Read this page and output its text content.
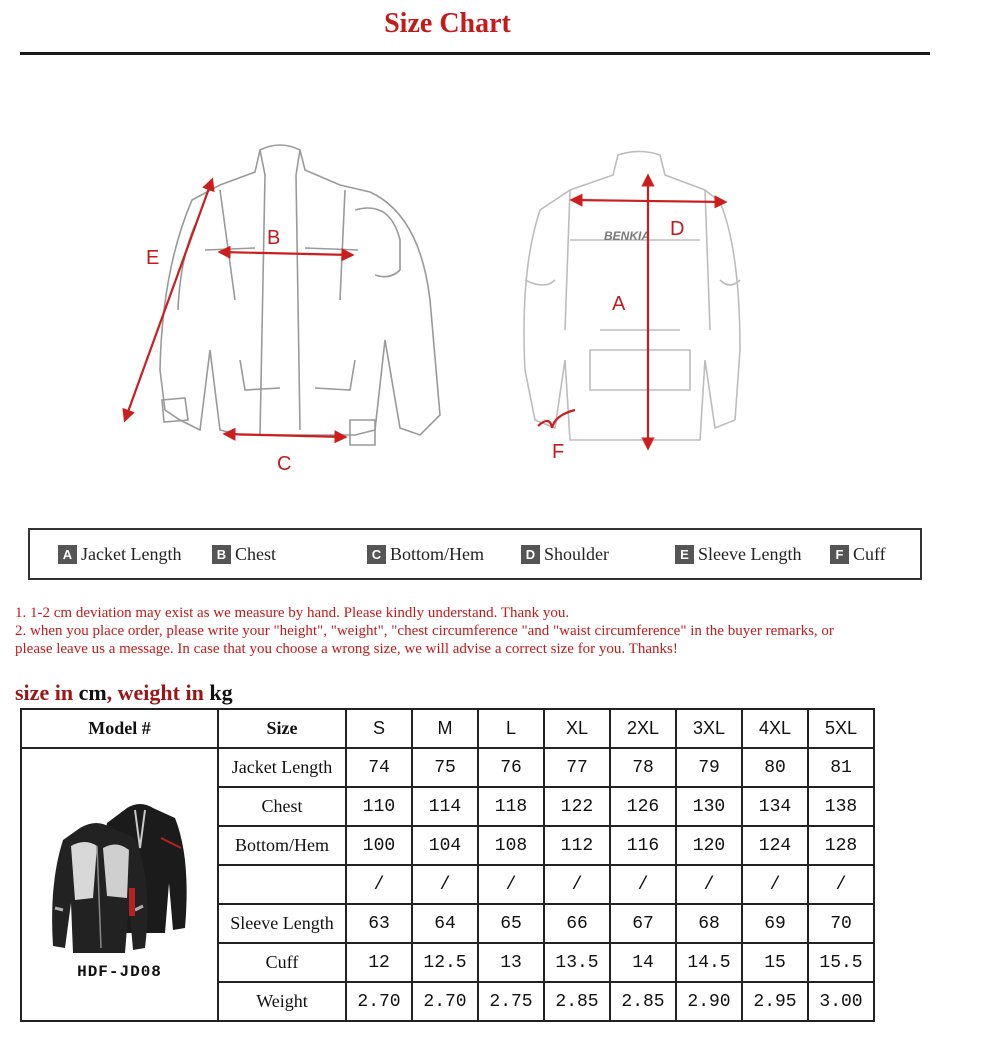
Size Chart
E
B
C
BENKIA D
A
F
A Jacket Length	B Chest	C Bottom/Hem	D Shoulder	E Sleeve Length	F Cuff

1. 1-2 cm deviation may exist as we measure by hand. Please kindly understand. Thank you.

2. when you place order, please write your "height", "weight", "chest circumference "and "waist circumference" in the buyer remarks, or please leave us a message. In case that you choose a wrong size, we will advise a correct size for you. Thanks!

size in cm, weight in kg
Model #	Size	S	M	L	XL	2XL	3XL	4XL	5XL

HDF-JD08	Jacket Length	74	75	76	77	78	79	80	81
	Chest	110	114	118	122	126	130	134	138
	Bottom/Hem	100	104	108	112	116	120	124	128
		/	/	/	/	/	/	/	/
	Sleeve Length	63	64	65	66	67	68	69	70
	Cuff	12	12.5	13	13.5	14	14.5	15	15.5
	Weight	2.70	2.70	2.75	2.85	2.85	2.90	2.95	3.00
